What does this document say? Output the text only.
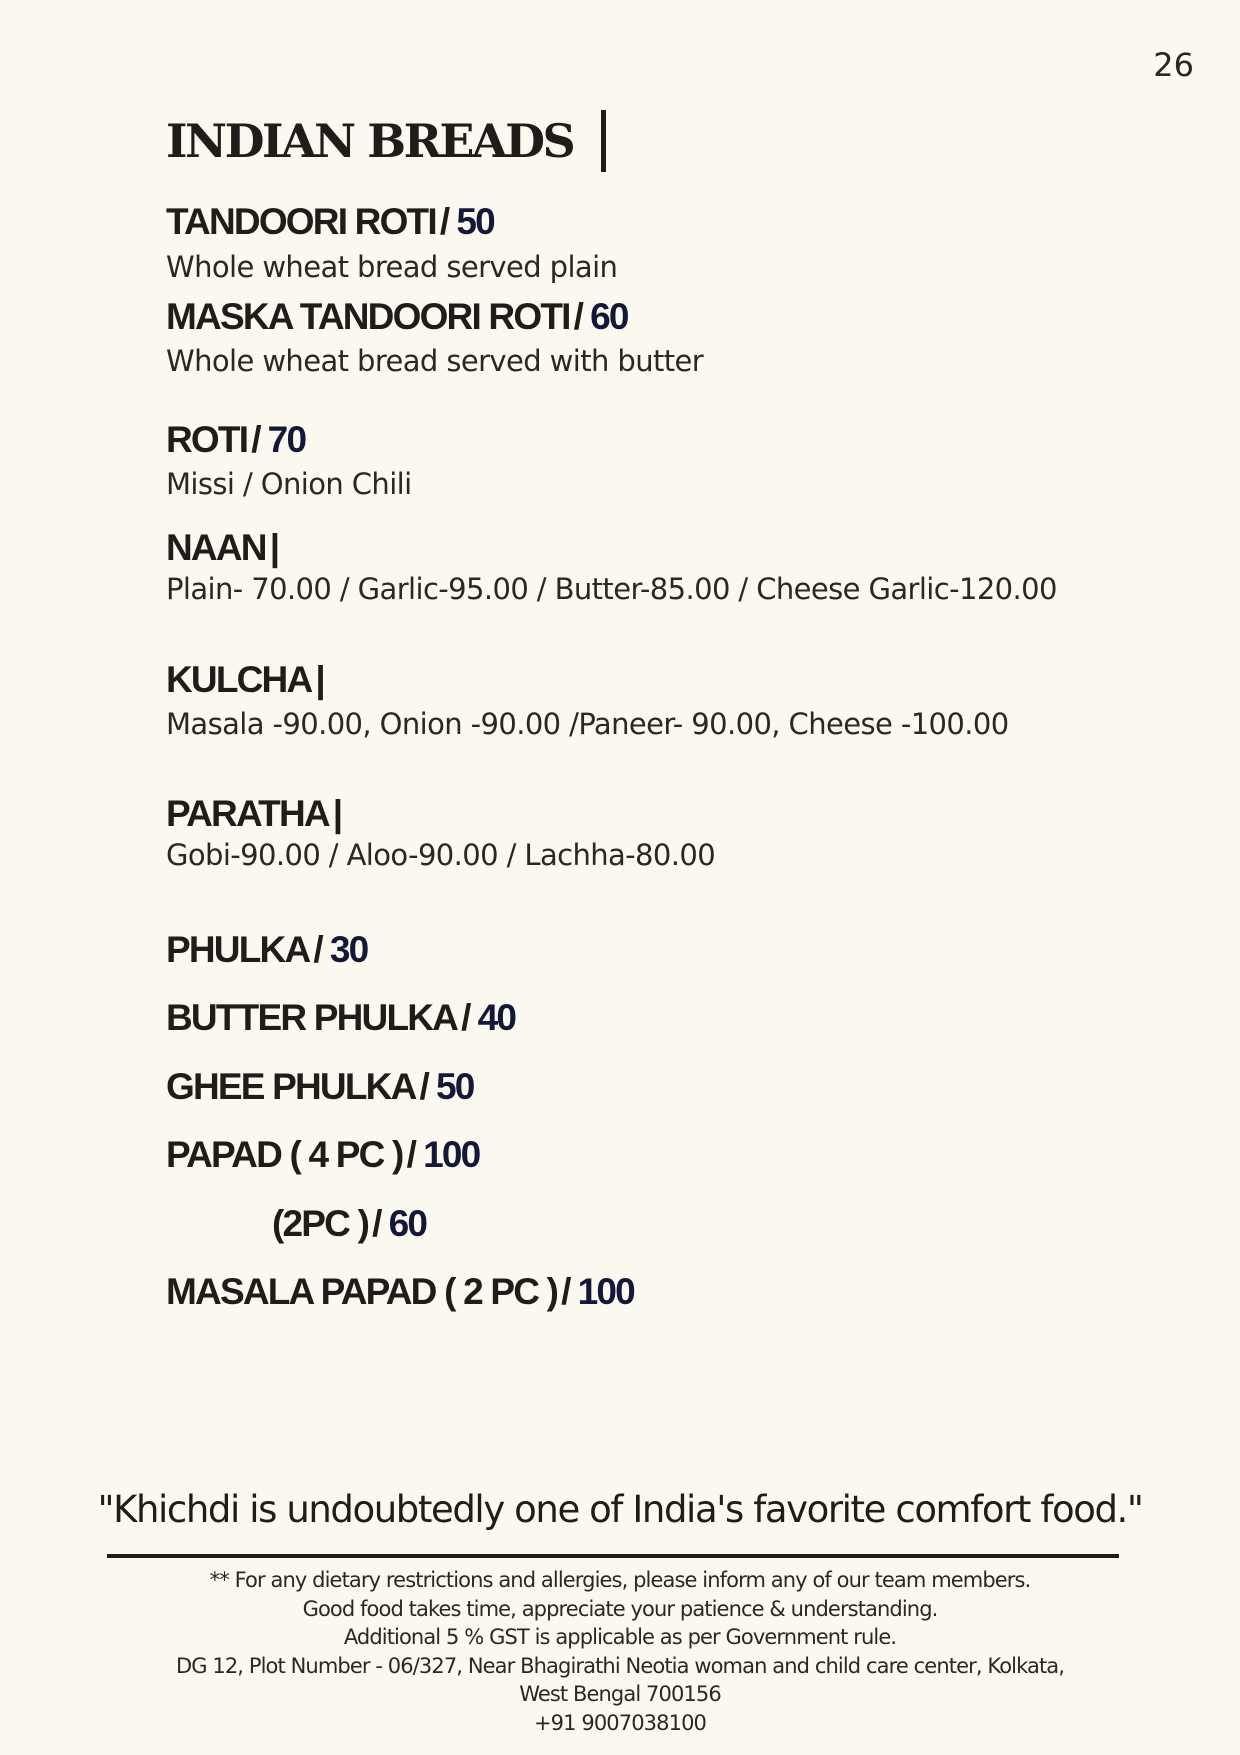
26
INDIAN BREADS
TANDOORI ROTI / 50
Whole wheat bread served plain
MASKA TANDOORI ROTI / 60
Whole wheat bread served with butter
ROTI / 70
Missi / Onion Chili
NAAN |
Plain- 70.00 / Garlic-95.00 / Butter-85.00 / Cheese Garlic-120.00
KULCHA |
Masala -90.00, Onion -90.00 /Paneer- 90.00, Cheese -100.00
PARATHA |
Gobi-90.00 / Aloo-90.00 / Lachha-80.00
PHULKA / 30
BUTTER PHULKA / 40
GHEE PHULKA / 50
PAPAD ( 4 PC ) / 100
(2PC ) / 60
MASALA PAPAD ( 2 PC ) / 100
"Khichdi is undoubtedly one of India's favorite comfort food."
** For any dietary restrictions and allergies, please inform any of our team members.
Good food takes time, appreciate your patience & understanding.
Additional 5 % GST is applicable as per Government rule.
DG 12, Plot Number - 06/327, Near Bhagirathi Neotia woman and child care center, Kolkata,
West Bengal 700156
+91 9007038100
